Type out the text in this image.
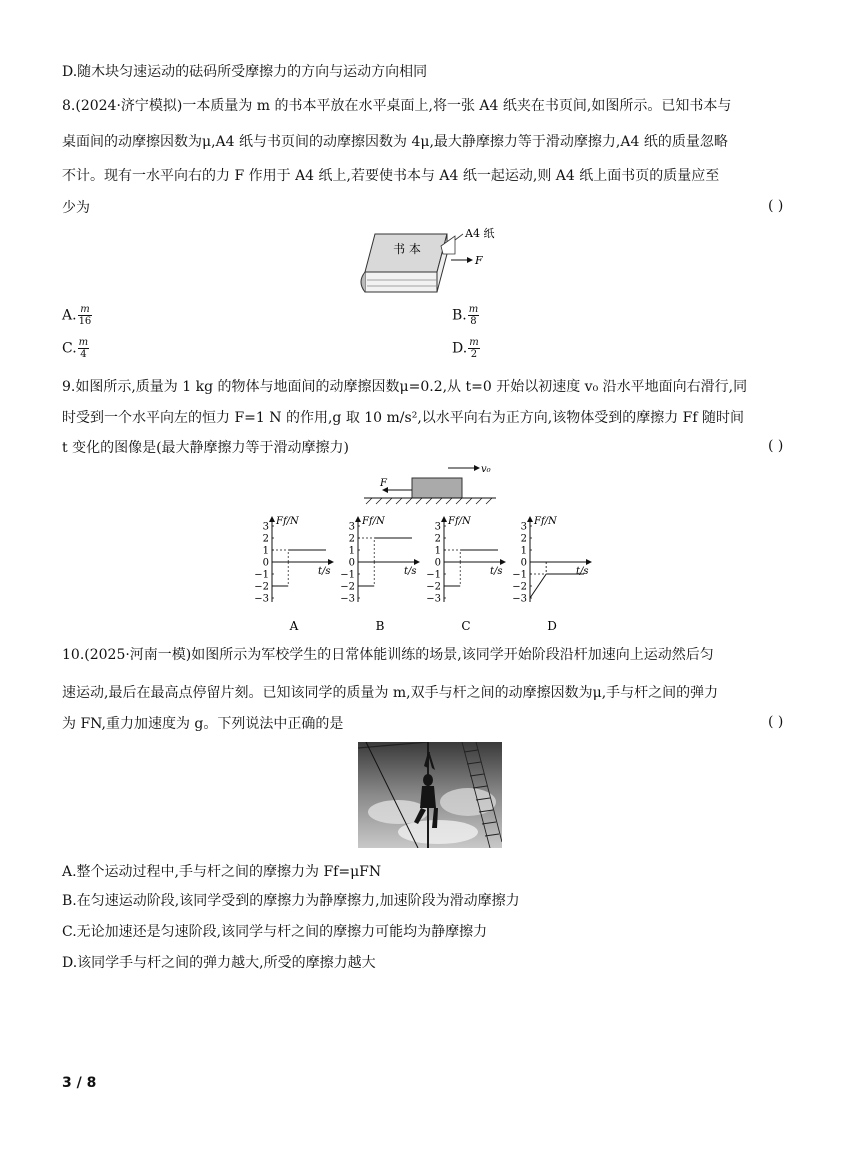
D.随木块匀速运动的砝码所受摩擦力的方向与运动方向相同
8.(2024·济宁模拟)一本质量为 m 的书本平放在水平桌面上,将一张 A4 纸夹在书页间,如图所示。已知书本与
桌面间的动摩擦因数为μ,A4 纸与书页间的动摩擦因数为 4μ,最大静摩擦力等于滑动摩擦力,A4 纸的质量忽略
不计。现有一水平向右的力 F 作用于 A4 纸上,若要使书本与 A4 纸一起运动,则 A4 纸上面书页的质量应至
少为	( )
书 本
A4 纸
F
A. $\frac{m}{16}$	B. $\frac{m}{8}$
C. $\frac{m}{4}$	D. $\frac{m}{2}$
9.如图所示,质量为 1 kg 的物体与地面间的动摩擦因数μ=0.2,从 t=0 开始以初速度 v₀ 沿水平地面向右滑行,同
时受到一个水平向左的恒力 F=1 N 的作用,g 取 10 m/s²,以水平向右为正方向,该物体受到的摩擦力 Ff 随时间
t 变化的图像是(最大静摩擦力等于滑动摩擦力)	( )
v₀
F
Ff/N
t/s
3
2
1
0
−1
−2
−3
A
Ff/N
t/s
3
2
1
0
−1
−2
−3
B
Ff/N
t/s
3
2
1
0
−1
−2
−3
C
Ff/N
t/s
3
2
1
0
−1
−2
−3
D
10.(2025·河南一模)如图所示为军校学生的日常体能训练的场景,该同学开始阶段沿杆加速向上运动然后匀
速运动,最后在最高点停留片刻。已知该同学的质量为 m,双手与杆之间的动摩擦因数为μ,手与杆之间的弹力
为 FN,重力加速度为 g。下列说法中正确的是	( )
A.整个运动过程中,手与杆之间的摩擦力为 Ff=μFN
B.在匀速运动阶段,该同学受到的摩擦力为静摩擦力,加速阶段为滑动摩擦力
C.无论加速还是匀速阶段,该同学与杆之间的摩擦力可能均为静摩擦力
D.该同学手与杆之间的弹力越大,所受的摩擦力越大
3 / 8
